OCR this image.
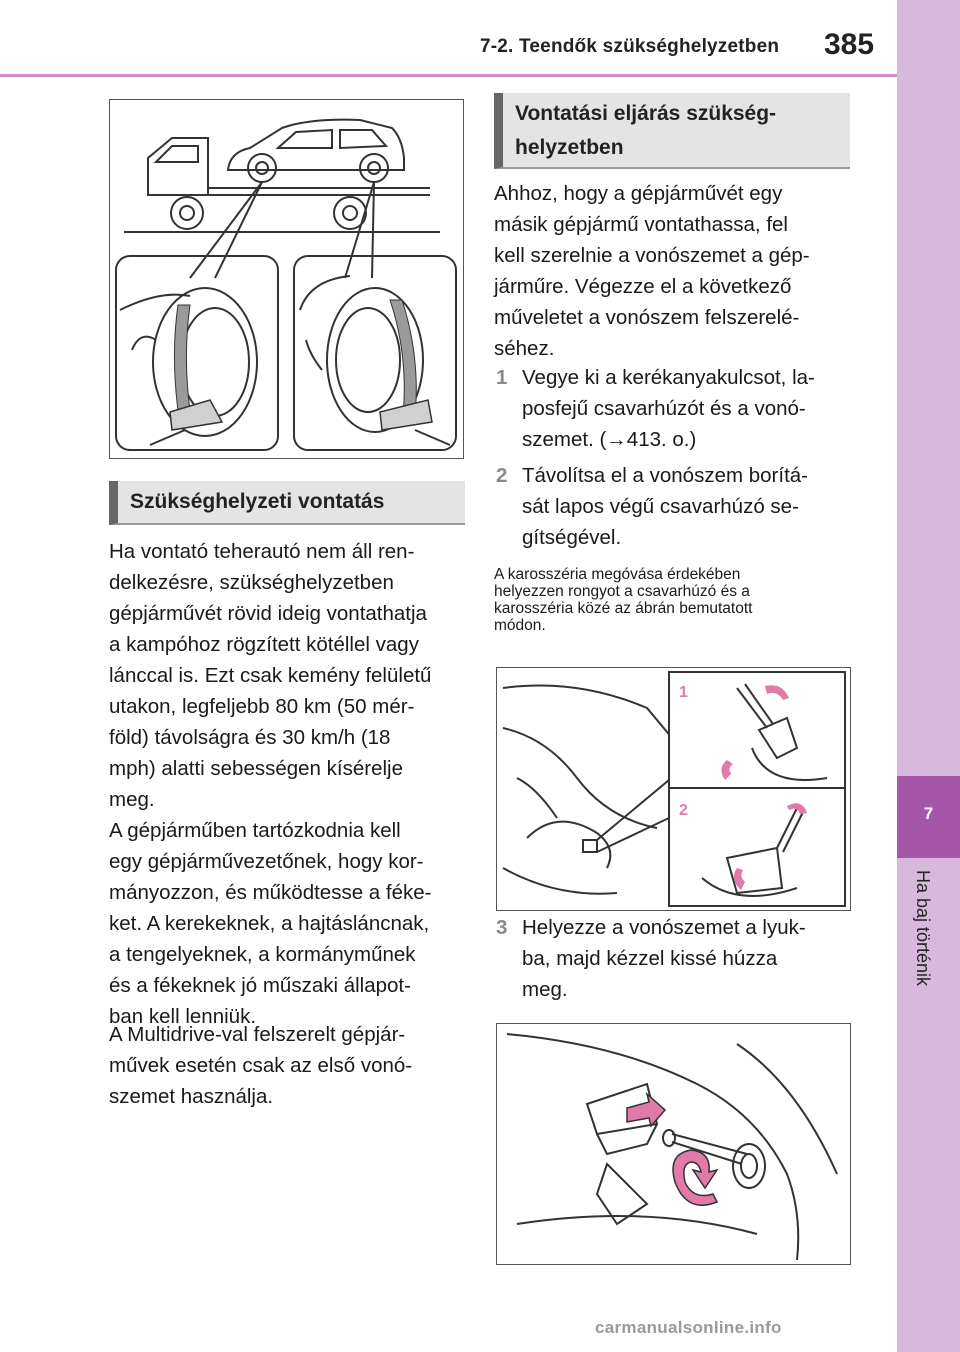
7-2. Teendők szükséghelyzetben 385
7
Ha baj történik
Szükséghelyzeti vontatás
Ha vontató teherautó nem áll ren-
delkezésre, szükséghelyzetben
gépjárművét rövid ideig vontathatja
a kampóhoz rögzített kötéllel vagy
lánccal is. Ezt csak kemény felületű
utakon, legfeljebb 80 km (50 mér-
föld) távolságra és 30 km/h (18
mph) alatti sebességen kísérelje
meg.
A gépjárműben tartózkodnia kell
egy gépjárművezetőnek, hogy kor-
mányozzon, és működtesse a féke-
ket. A kerekeknek, a hajtásláncnak,
a tengelyeknek, a kormányműnek
és a fékeknek jó műszaki állapot-
ban kell lenniük.
A Multidrive-val felszerelt gépjár-
művek esetén csak az első vonó-
szemet használja.
Vontatási eljárás szükség-
helyzetben
Ahhoz, hogy a gépjárművét egy
másik gépjármű vontathassa, fel
kell szerelnie a vonószemet a gép-
járműre. Végezze el a következő
műveletet a vonószem felszerelé-
séhez.
1 Vegye ki a kerékanyakulcsot, la-
posfejű csavarhúzót és a vonó-
szemet. (→413. o.)
2 Távolítsa el a vonószem borítá-
sát lapos végű csavarhúzó se-
gítségével.
A karosszéria megóvása érdekében
helyezzen rongyot a csavarhúzó és a
karosszéria közé az ábrán bemutatott
módon.
1
2
3 Helyezze a vonószemet a lyuk-
ba, majd kézzel kissé húzza
meg.
carmanualsonline.info
